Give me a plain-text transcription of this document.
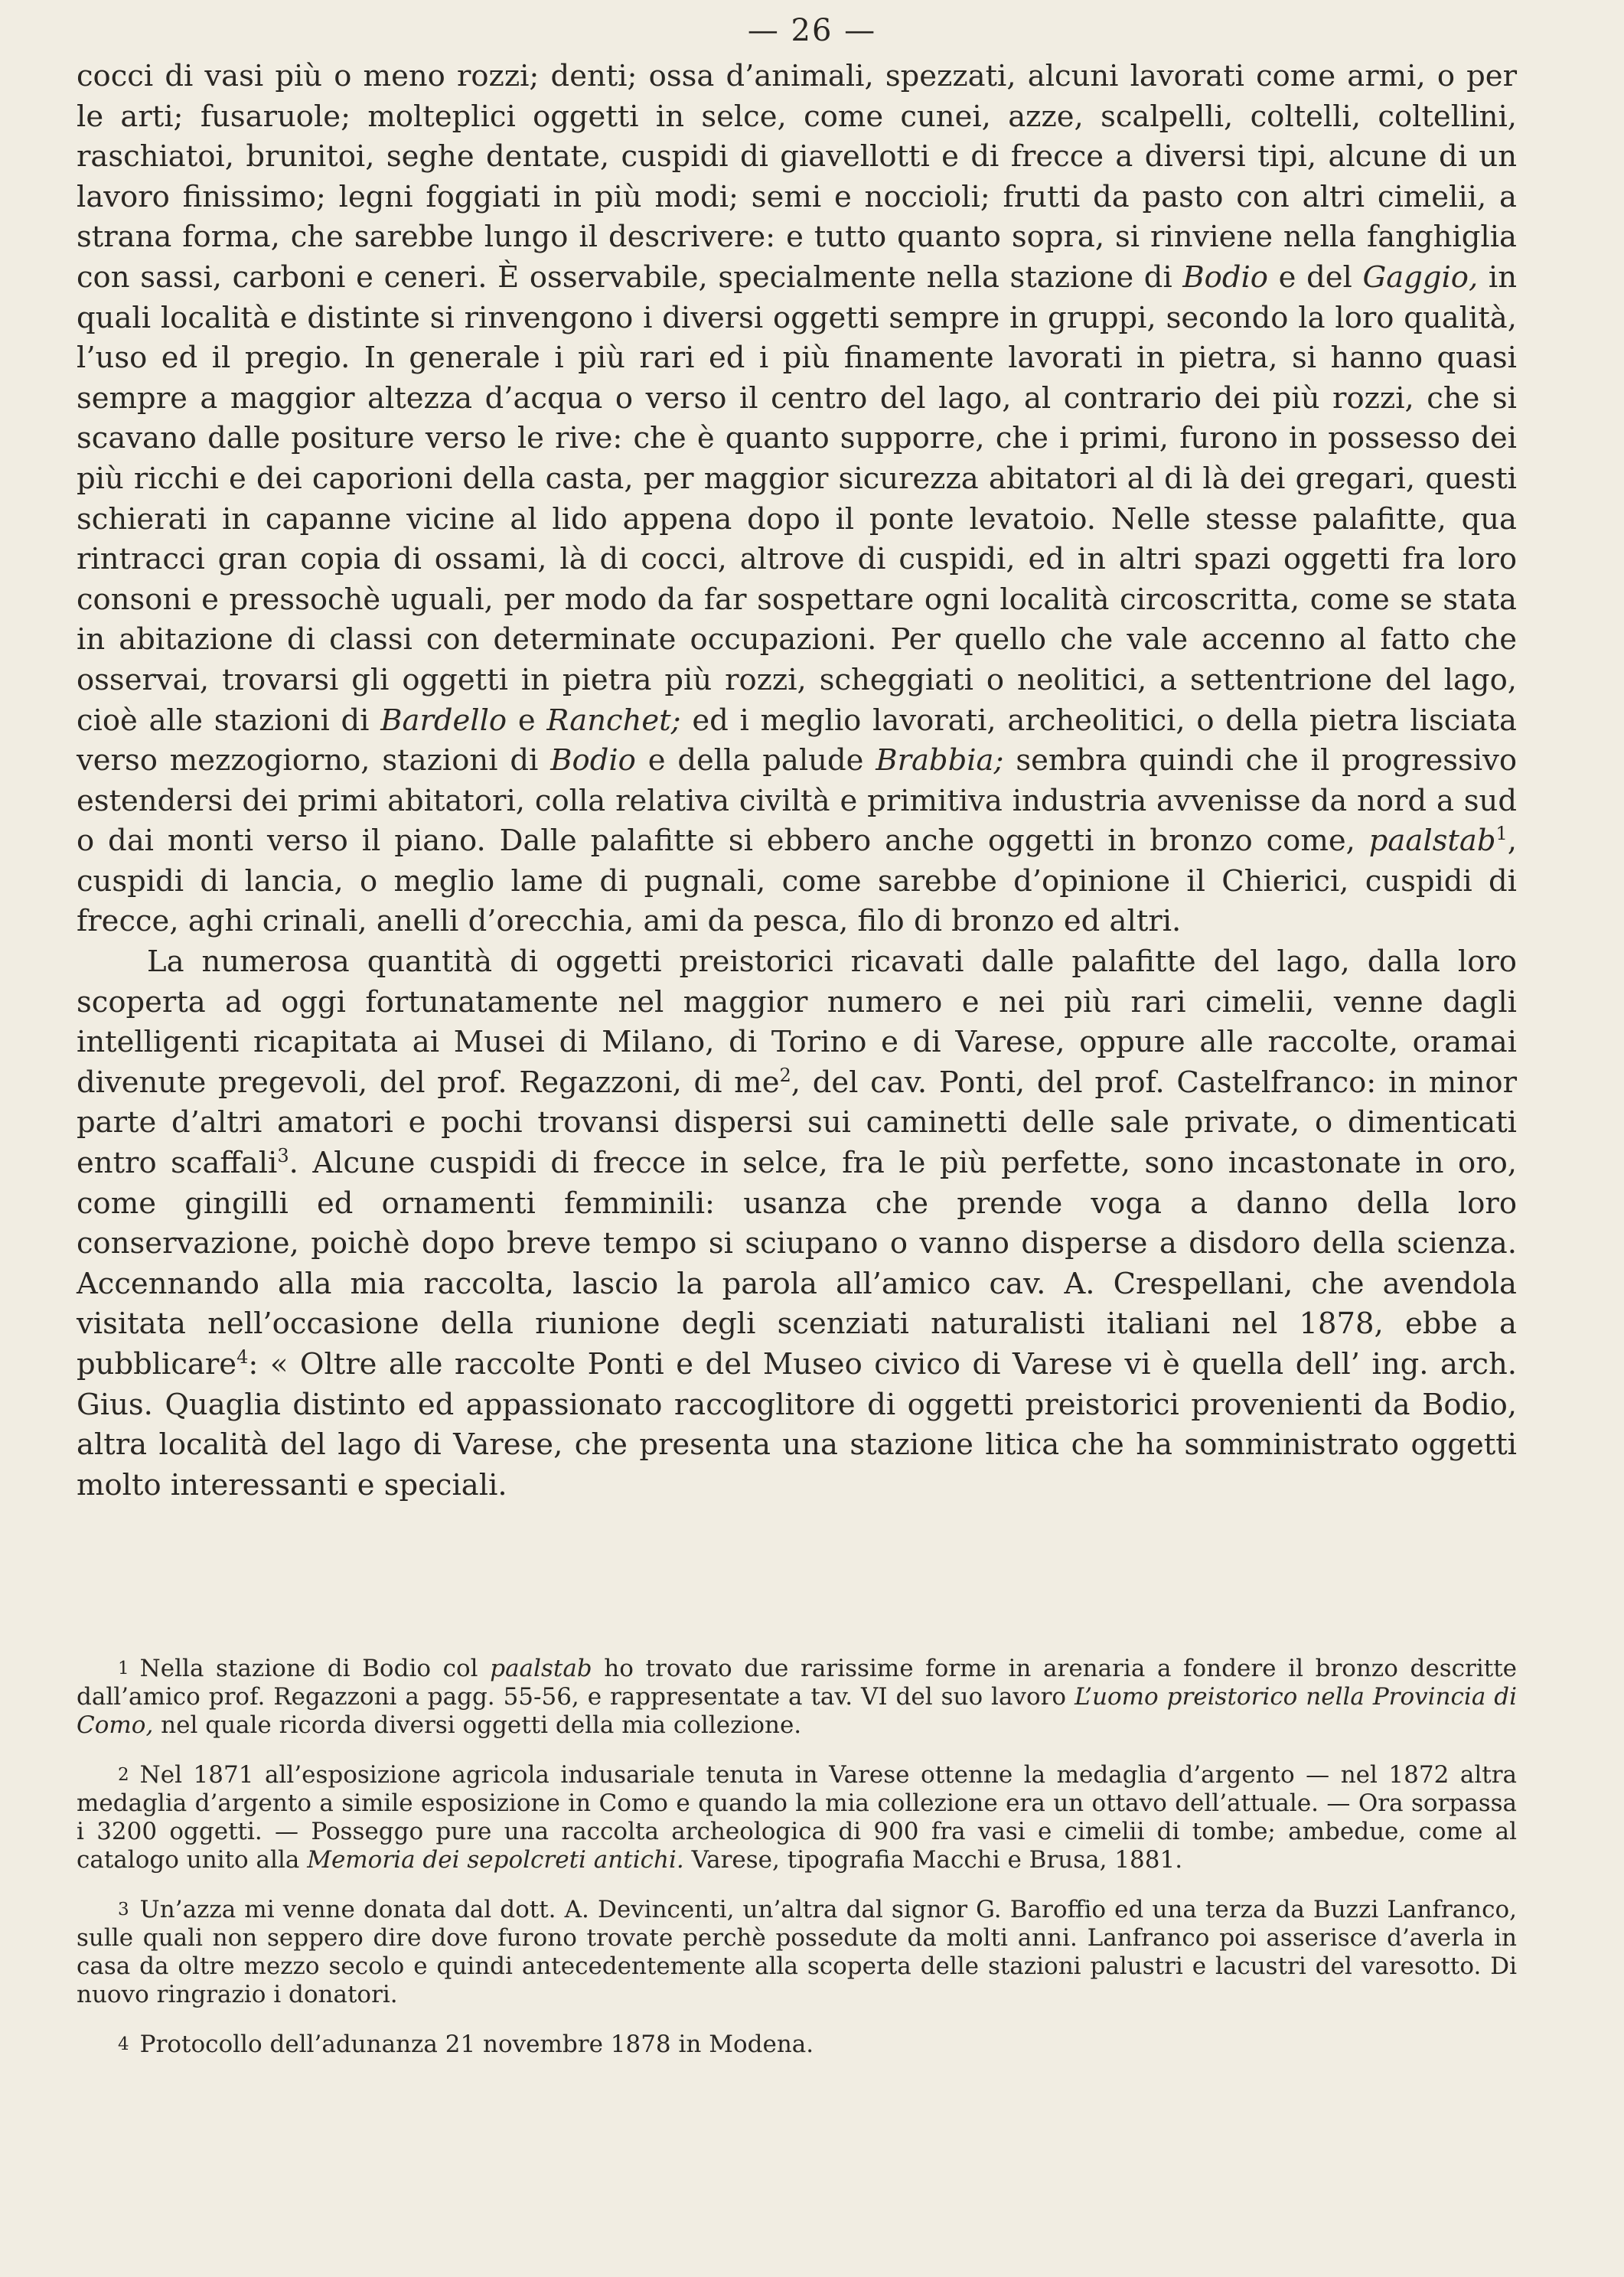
— 26 —

cocci di vasi più o meno rozzi; denti; ossa d’animali, spezzati, alcuni lavorati come armi, o per le arti; fusaruole; molteplici oggetti in selce, come cunei, azze, scalpelli, coltelli, coltellini, raschiatoi, brunitoi, seghe dentate, cuspidi di giavellotti e di frecce a diversi tipi, alcune di un lavoro finissimo; legni foggiati in più modi; semi e noccioli; frutti da pasto con altri cimelii, a strana forma, che sarebbe lungo il descrivere: e tutto quanto sopra, si rinviene nella fanghiglia con sassi, carboni e ceneri. È osservabile, specialmente nella stazione di Bodio e del Gaggio, in quali località e distinte si rinvengono i diversi oggetti sempre in gruppi, secondo la loro qualità, l’uso ed il pregio. In generale i più rari ed i più finamente lavorati in pietra, si hanno quasi sempre a maggior altezza d’acqua o verso il centro del lago, al contrario dei più rozzi, che si scavano dalle positure verso le rive: che è quanto supporre, che i primi, furono in possesso dei più ricchi e dei caporioni della casta, per maggior sicurezza abitatori al di là dei gregari, questi schierati in capanne vicine al lido appena dopo il ponte levatoio. Nelle stesse palafitte, qua rintracci gran copia di ossami, là di cocci, altrove di cuspidi, ed in altri spazi oggetti fra loro consoni e pressochè uguali, per modo da far sospettare ogni località circoscritta, come se stata in abitazione di classi con determinate occupazioni. Per quello che vale accenno al fatto che osservai, trovarsi gli oggetti in pietra più rozzi, scheggiati o neolitici, a settentrione del lago, cioè alle stazioni di Bardello e Ranchet; ed i meglio lavorati, archeolitici, o della pietra lisciata verso mezzogiorno, stazioni di Bodio e della palude Brabbia; sembra quindi che il progressivo estendersi dei primi abitatori, colla relativa civiltà e primitiva industria avvenisse da nord a sud o dai monti verso il piano. Dalle palafitte si ebbero anche oggetti in bronzo come, paalstab$^1$, cuspidi di lancia, o meglio lame di pugnali, come sarebbe d’opinione il Chierici, cuspidi di frecce, aghi crinali, anelli d’orecchia, ami da pesca, filo di bronzo ed altri.

La numerosa quantità di oggetti preistorici ricavati dalle palafitte del lago, dalla loro scoperta ad oggi fortunatamente nel maggior numero e nei più rari cimelii, venne dagli intelligenti ricapitata ai Musei di Milano, di Torino e di Varese, oppure alle raccolte, oramai divenute pregevoli, del prof. Regazzoni, di me$^2$, del cav. Ponti, del prof. Castelfranco: in minor parte d’altri amatori e pochi trovansi dispersi sui caminetti delle sale private, o dimenticati entro scaffali$^3$. Alcune cuspidi di frecce in selce, fra le più perfette, sono incastonate in oro, come gingilli ed ornamenti femminili: usanza che prende voga a danno della loro conservazione, poichè dopo breve tempo si sciupano o vanno disperse a disdoro della scienza. Accennando alla mia raccolta, lascio la parola all’amico cav. A. Crespellani, che avendola visitata nell’occasione della riunione degli scenziati naturalisti italiani nel 1878, ebbe a pubblicare$^4$: « Oltre alle raccolte Ponti e del Museo civico di Varese vi è quella dell’ ing. arch. Gius. Quaglia distinto ed appassionato raccoglitore di oggetti preistorici provenienti da Bodio, altra località del lago di Varese, che presenta una stazione litica che ha somministrato oggetti molto interessanti e speciali.

$^1$ Nella stazione di Bodio col paalstab ho trovato due rarissime forme in arenaria a fondere il bronzo descritte dall’amico prof. Regazzoni a pagg. 55-56, e rappresentate a tav. VI del suo lavoro L’uomo preistorico nella Provincia di Como, nel quale ricorda diversi oggetti della mia collezione.

$^2$ Nel 1871 all’esposizione agricola indusariale tenuta in Varese ottenne la medaglia d’argento — nel 1872 altra medaglia d’argento a simile esposizione in Como e quando la mia collezione era un ottavo dell’attuale. — Ora sorpassa i 3200 oggetti. — Posseggo pure una raccolta archeologica di 900 fra vasi e cimelii di tombe; ambedue, come al catalogo unito alla Memoria dei sepolcreti antichi. Varese, tipografia Macchi e Brusa, 1881.

$^3$ Un’azza mi venne donata dal dott. A. Devincenti, un’altra dal signor G. Baroffio ed una terza da Buzzi Lanfranco, sulle quali non seppero dire dove furono trovate perchè possedute da molti anni. Lanfranco poi asserisce d’averla in casa da oltre mezzo secolo e quindi antecedentemente alla scoperta delle stazioni palustri e lacustri del varesotto. Di nuovo ringrazio i donatori.

$^4$ Protocollo dell’adunanza 21 novembre 1878 in Modena.
